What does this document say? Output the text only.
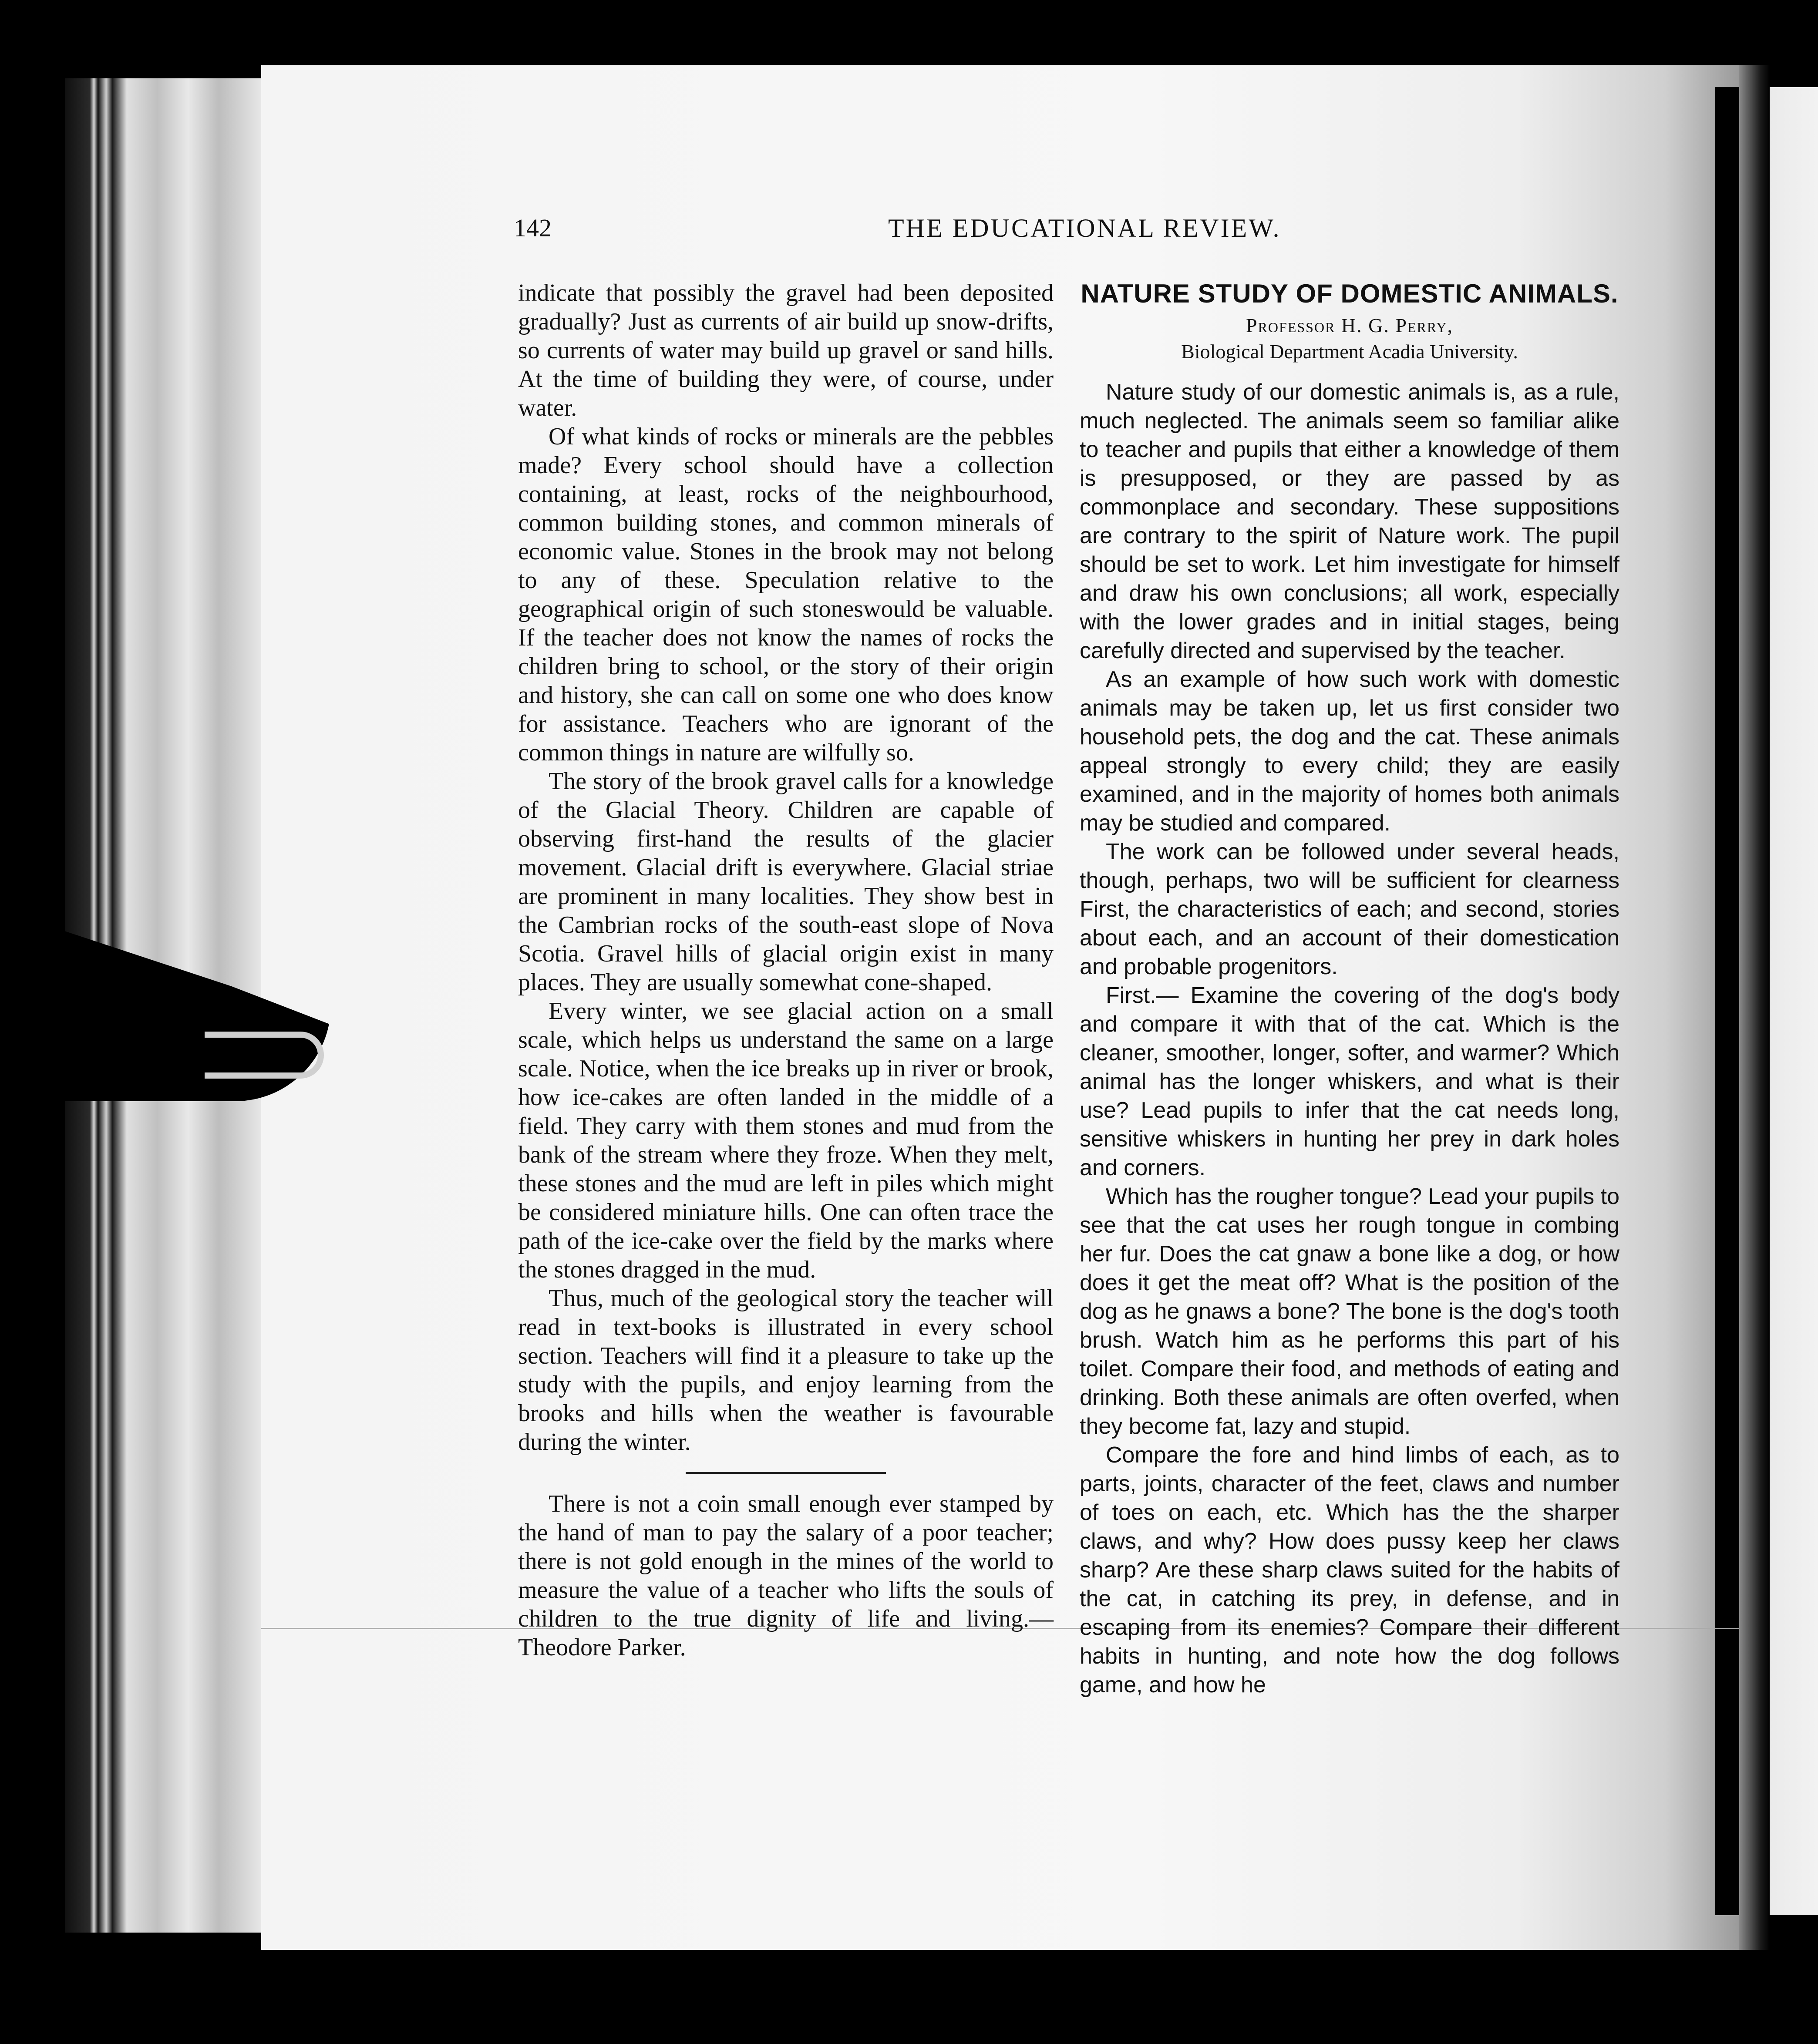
142	THE EDUCATIONAL REVIEW.

indicate that possibly the gravel had been deposited gradually? Just as currents of air build up snow-drifts, so currents of water may build up gravel or sand hills. At the time of building they were, of course, under water.

Of what kinds of rocks or minerals are the pebbles made? Every school should have a collection containing, at least, rocks of the neighbourhood, common building stones, and common minerals of economic value. Stones in the brook may not belong to any of these. Speculation relative to the geographical origin of such stoneswould be valuable. If the teacher does not know the names of rocks the children bring to school, or the story of their origin and history, she can call on some one who does know for assistance. Teachers who are ignorant of the common things in nature are wilfully so.

The story of the brook gravel calls for a knowledge of the Glacial Theory. Children are capable of observing first-hand the results of the glacier movement. Glacial drift is everywhere. Glacial striae are prominent in many localities. They show best in the Cambrian rocks of the south-east slope of Nova Scotia. Gravel hills of glacial origin exist in many places. They are usually somewhat cone-shaped.

Every winter, we see glacial action on a small scale, which helps us understand the same on a large scale. Notice, when the ice breaks up in river or brook, how ice-cakes are often landed in the middle of a field. They carry with them stones and mud from the bank of the stream where they froze. When they melt, these stones and the mud are left in piles which might be considered miniature hills. One can often trace the path of the ice-cake over the field by the marks where the stones dragged in the mud.

Thus, much of the geological story the teacher will read in text-books is illustrated in every school section. Teachers will find it a pleasure to take up the study with the pupils, and enjoy learning from the brooks and hills when the weather is favourable during the winter.

There is not a coin small enough ever stamped by the hand of man to pay the salary of a poor teacher; there is not gold enough in the mines of the world to measure the value of a teacher who lifts the souls of children to the true dignity of life and living.—Theodore Parker.

NATURE STUDY OF DOMESTIC ANIMALS.
Professor H. G. Perry,
Biological Department Acadia University.

Nature study of our domestic animals is, as a rule, much neglected. The animals seem so familiar alike to teacher and pupils that either a knowledge of them is presupposed, or they are passed by as commonplace and secondary. These suppositions are contrary to the spirit of Nature work. The pupil should be set to work. Let him investigate for himself and draw his own conclusions; all work, especially with the lower grades and in initial stages, being carefully directed and supervised by the teacher.

As an example of how such work with domestic animals may be taken up, let us first consider two household pets, the dog and the cat. These animals appeal strongly to every child; they are easily examined, and in the majority of homes both animals may be studied and compared.

The work can be followed under several heads, though, perhaps, two will be sufficient for clearness First, the characteristics of each; and second, stories about each, and an account of their domestication and probable progenitors.

First.— Examine the covering of the dog's body and compare it with that of the cat. Which is the cleaner, smoother, longer, softer, and warmer? Which animal has the longer whiskers, and what is their use? Lead pupils to infer that the cat needs long, sensitive whiskers in hunting her prey in dark holes and corners.

Which has the rougher tongue? Lead your pupils to see that the cat uses her rough tongue in combing her fur. Does the cat gnaw a bone like a dog, or how does it get the meat off? What is the position of the dog as he gnaws a bone? The bone is the dog's tooth brush. Watch him as he performs this part of his toilet. Compare their food, and methods of eating and drinking. Both these animals are often overfed, when they become fat, lazy and stupid.

Compare the fore and hind limbs of each, as to parts, joints, character of the feet, claws and number of toes on each, etc. Which has the the sharper claws, and why? How does pussy keep her claws sharp? Are these sharp claws suited for the habits of the cat, in catching its prey, in defense, and in escaping from its enemies? Compare their different habits in hunting, and note how the dog follows game, and how he
